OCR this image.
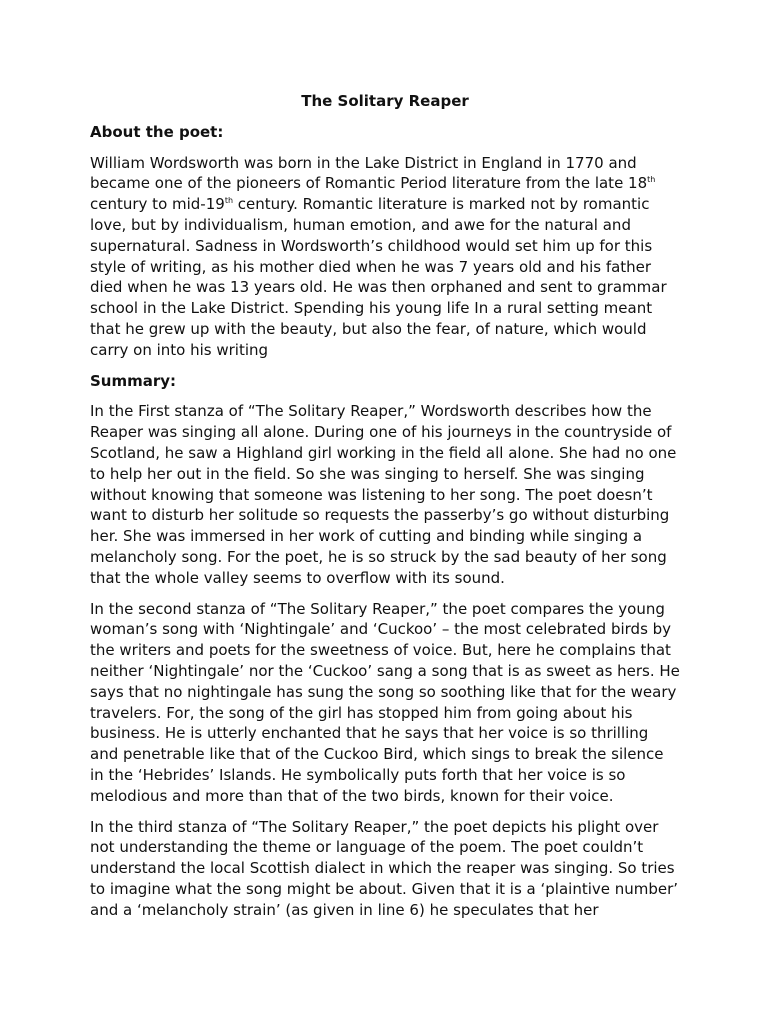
The Solitary Reaper
About the poet:
William Wordsworth was born in the Lake District in England in 1770 and became one of the pioneers of Romantic Period literature from the late 18th century to mid-19th century. Romantic literature is marked not by romantic love, but by individualism, human emotion, and awe for the natural and supernatural. Sadness in Wordsworth’s childhood would set him up for this style of writing, as his mother died when he was 7 years old and his father died when he was 13 years old. He was then orphaned and sent to grammar school in the Lake District. Spending his young life In a rural setting meant that he grew up with the beauty, but also the fear, of nature, which would carry on into his writing
Summary:
In the First stanza of “The Solitary Reaper,” Wordsworth describes how the Reaper was singing all alone. During one of his journeys in the countryside of Scotland, he saw a Highland girl working in the field all alone. She had no one to help her out in the field. So she was singing to herself. She was singing without knowing that someone was listening to her song. The poet doesn’t want to disturb her solitude so requests the passerby’s go without disturbing her. She was immersed in her work of cutting and binding while singing a melancholy song. For the poet, he is so struck by the sad beauty of her song that the whole valley seems to overflow with its sound.
In the second stanza of “The Solitary Reaper,” the poet compares the young woman’s song with ‘Nightingale’ and ‘Cuckoo’ – the most celebrated birds by the writers and poets for the sweetness of voice. But, here he complains that neither ‘Nightingale’ nor the ‘Cuckoo’ sang a song that is as sweet as hers. He says that no nightingale has sung the song so soothing like that for the weary travelers. For, the song of the girl has stopped him from going about his business. He is utterly enchanted that he says that her voice is so thrilling and penetrable like that of the Cuckoo Bird, which sings to break the silence in the ‘Hebrides’ Islands. He symbolically puts forth that her voice is so melodious and more than that of the two birds, known for their voice.
In the third stanza of “The Solitary Reaper,” the poet depicts his plight over not understanding the theme or language of the poem. The poet couldn’t understand the local Scottish dialect in which the reaper was singing. So tries to imagine what the song might be about. Given that it is a ‘plaintive number’ and a ‘melancholy strain’ (as given in line 6) he speculates that her
